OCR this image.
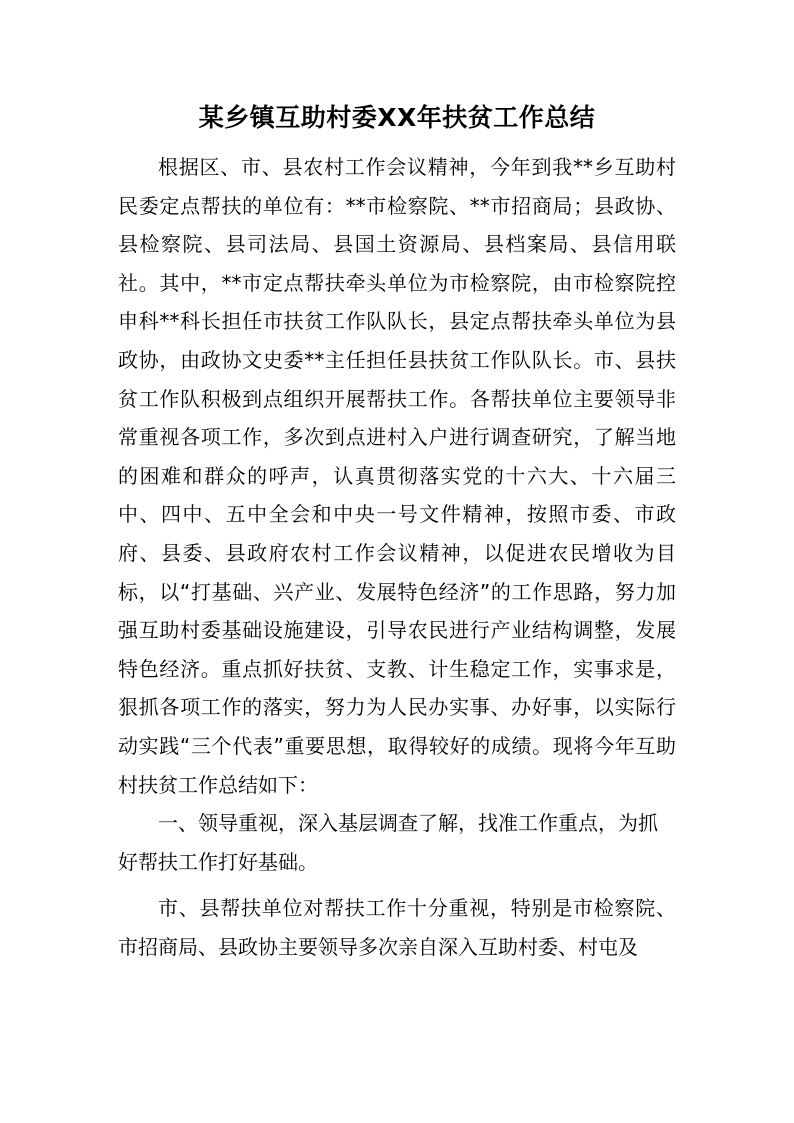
某乡镇互助村委XX年扶贫工作总结

根据区、市、县农村工作会议精神，今年到我**乡互助村民委定点帮扶的单位有：**市检察院、**市招商局；县政协、县检察院、县司法局、县国土资源局、县档案局、县信用联社。其中，**市定点帮扶牵头单位为市检察院，由市检察院控申科**科长担任市扶贫工作队队长，县定点帮扶牵头单位为县政协，由政协文史委**主任担任县扶贫工作队队长。市、县扶贫工作队积极到点组织开展帮扶工作。各帮扶单位主要领导非常重视各项工作，多次到点进村入户进行调查研究，了解当地的困难和群众的呼声，认真贯彻落实党的十六大、十六届三中、四中、五中全会和中央一号文件精神，按照市委、市政府、县委、县政府农村工作会议精神，以促进农民增收为目标，以“打基础、兴产业、发展特色经济”的工作思路，努力加强互助村委基础设施建设，引导农民进行产业结构调整，发展特色经济。重点抓好扶贫、支教、计生稳定工作，实事求是，狠抓各项工作的落实，努力为人民办实事、办好事，以实际行动实践“三个代表”重要思想，取得较好的成绩。现将今年互助村扶贫工作总结如下：

一、领导重视，深入基层调查了解，找准工作重点，为抓好帮扶工作打好基础。

市、县帮扶单位对帮扶工作十分重视，特别是市检察院、市招商局、县政协主要领导多次亲自深入互助村委、村屯及
